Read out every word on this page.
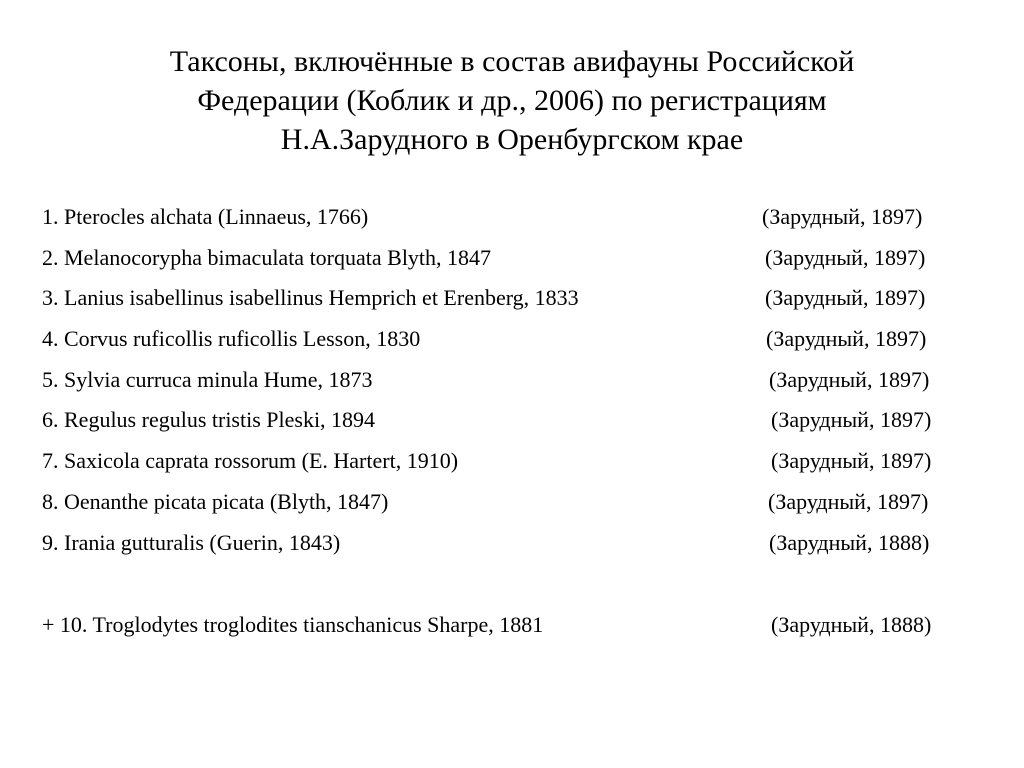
Таксоны, включённые в состав авифауны Российской
Федерации (Коблик и др., 2006) по регистрациям
Н.А.Зарудного в Оренбургском крае
1. Pterocles alchata (Linnaeus, 1766)	(Зарудный, 1897)
2. Melanocorypha bimaculata torquata Blyth, 1847	(Зарудный, 1897)
3. Lanius isabellinus isabellinus Hemprich et Erenberg, 1833	(Зарудный, 1897)
4. Corvus ruficollis ruficollis Lesson, 1830	(Зарудный, 1897)
5. Sylvia curruca minula Hume, 1873	(Зарудный, 1897)
6. Regulus regulus tristis Pleski, 1894	(Зарудный, 1897)
7. Saxicola caprata rossorum (E. Hartert, 1910)	(Зарудный, 1897)
8. Oenanthe picata picata (Blyth, 1847)	(Зарудный, 1897)
9. Irania gutturalis (Guerin, 1843)	(Зарудный, 1888)
+ 10. Troglodytes troglodites tianschanicus Sharpe, 1881	(Зарудный, 1888)
